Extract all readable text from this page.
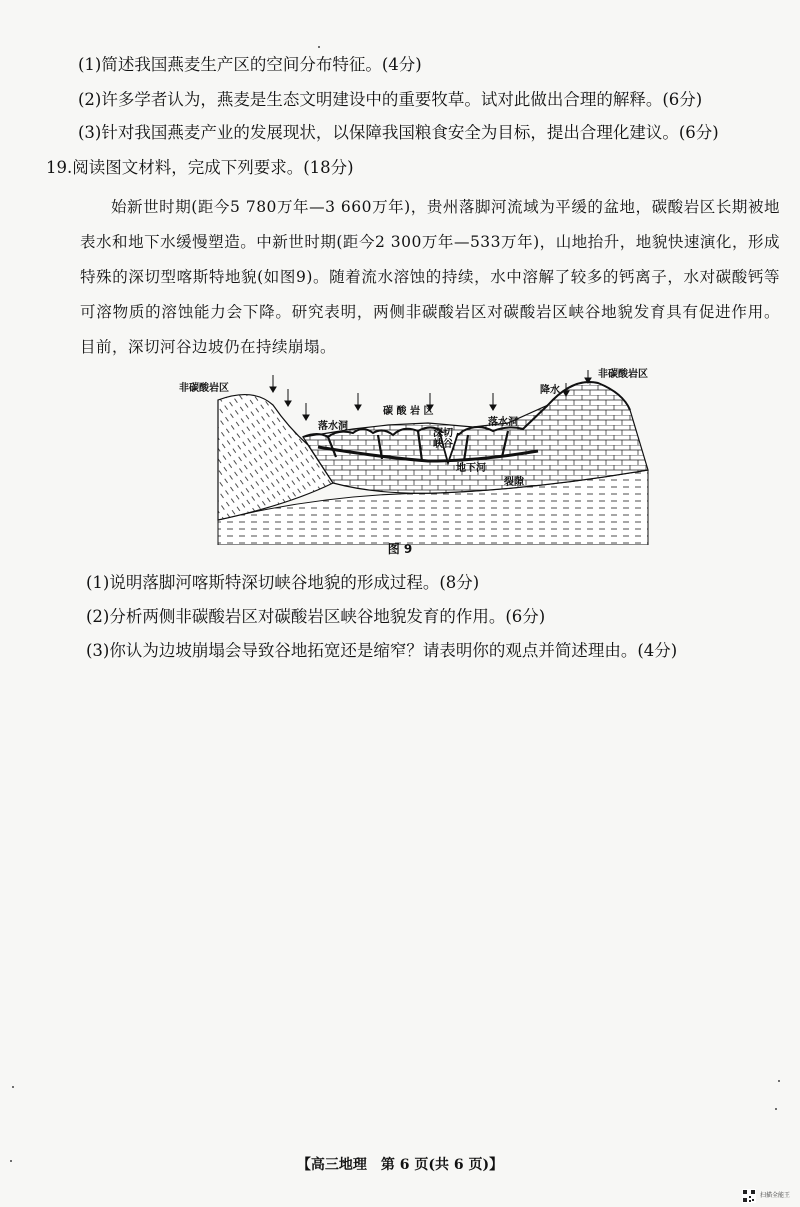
(1)简述我国燕麦生产区的空间分布特征。(4分)
(2)许多学者认为，燕麦是生态文明建设中的重要牧草。试对此做出合理的解释。(6分)
(3)针对我国燕麦产业的发展现状，以保障我国粮食安全为目标，提出合理化建议。(6分)
19.阅读图文材料，完成下列要求。(18分)
始新世时期(距今5 780万年—3 660万年)，贵州落脚河流域为平缓的盆地，碳酸岩区长期被地表水和地下水缓慢塑造。中新世时期(距今2 300万年—533万年)，山地抬升，地貌快速演化，形成特殊的深切型喀斯特地貌(如图9)。随着流水溶蚀的持续，水中溶解了较多的钙离子，水对碳酸钙等可溶物质的溶蚀能力会下降。研究表明，两侧非碳酸岩区对碳酸岩区峡谷地貌发育具有促进作用。目前，深切河谷边坡仍在持续崩塌。
非碳酸岩区
非碳酸岩区
降水
落水洞	落水洞
碳 酸 岩 区
深切
峡谷
地下河
裂隙
图 9
(1)说明落脚河喀斯特深切峡谷地貌的形成过程。(8分)
(2)分析两侧非碳酸岩区对碳酸岩区峡谷地貌发育的作用。(6分)
(3)你认为边坡崩塌会导致谷地拓宽还是缩窄？请表明你的观点并简述理由。(4分)
【高三地理　第 6 页(共 6 页)】
扫描全能王
